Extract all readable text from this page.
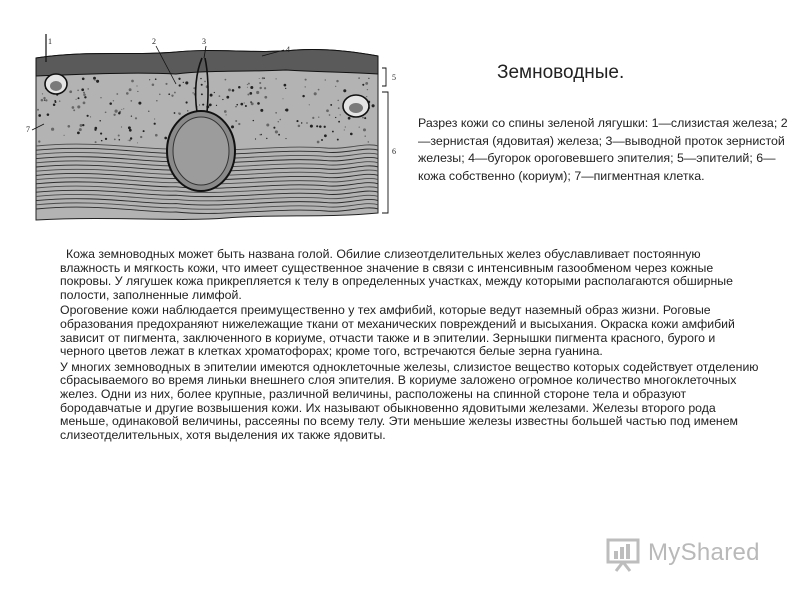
1	2	3
4
5
6
7
Земноводные.
Разрез кожи со спины зеленой лягушки: 1—слизистая железа; 2—зернистая (ядовитая) железа; 3—выводной проток зернистой железы; 4—бугорок ороговевшего эпителия; 5—эпителий; 6—кожа собственно (кориум); 7—пигментная клетка.

Кожа земноводных может быть названа голой. Обилие слизеотделительных желез обуславливает постоянную влажность и мягкость кожи, что имеет существенное значение в связи с интенсивным газообменом через кожные покровы. У лягушек кожа прикрепляется к телу в определенных участках, между которыми располагаются обширные полости, заполненные лимфой.

Ороговение кожи наблюдается преимущественно у тех амфибий, которые ведут наземный образ жизни. Роговые образования предохраняют нижележащие ткани от механических повреждений и высыхания. Окраска кожи амфибий зависит от пигмента, заключенного в кориуме, отчасти также и в эпителии. Зернышки пигмента красного, бурого и черного цветов лежат в клетках хроматофорах; кроме того, встречаются белые зерна гуанина.

У многих земноводных в эпителии имеются одноклеточные железы, слизистое вещество которых содействует отделению сбрасываемого во время линьки внешнего слоя эпителия. В кориуме заложено огромное количество многоклеточных желез. Одни из них, более крупные, различной величины, расположены на спинной стороне тела и образуют бородавчатые и другие возвышения кожи. Их называют обыкновенно ядовитыми железами. Железы второго рода меньше, одинаковой величины, рассеяны по всему телу. Эти меньшие железы известны большей частью под именем слизеотделительных, хотя выделения их также ядовиты.

MyShared
